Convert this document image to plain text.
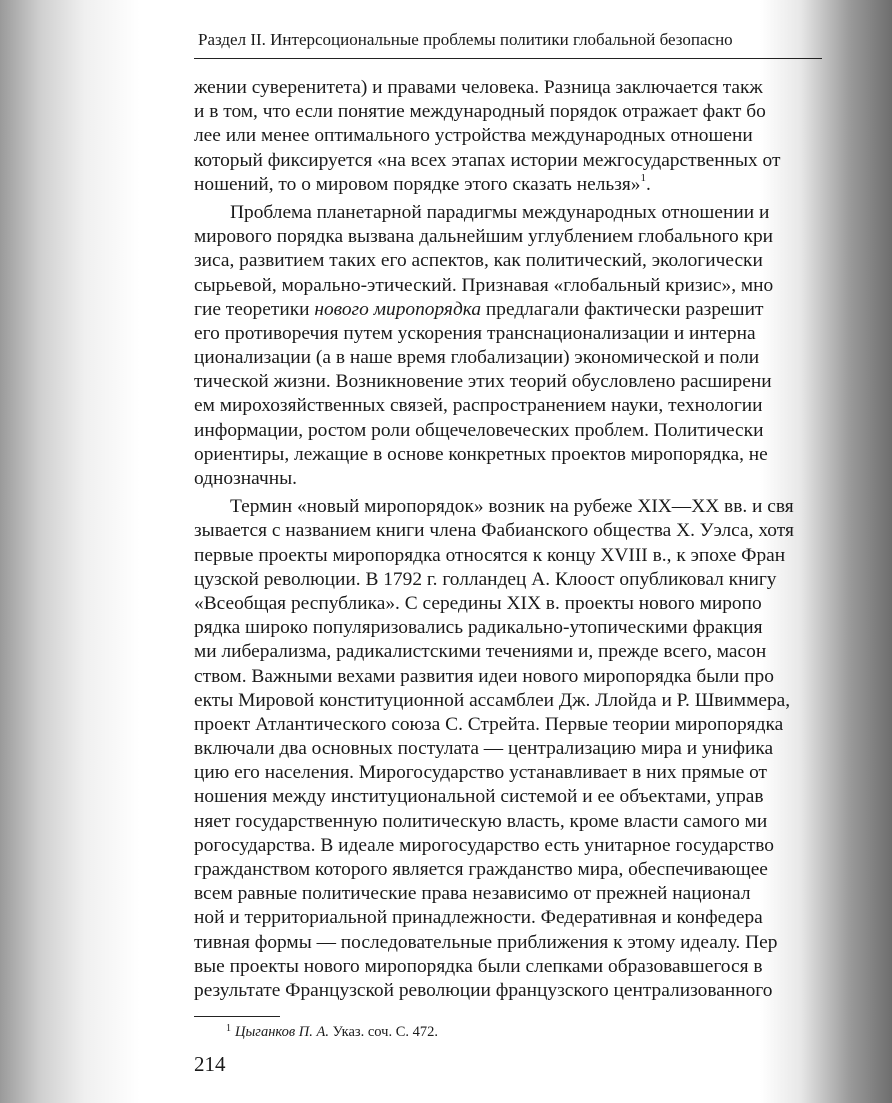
Раздел II. Интерсоциональные проблемы политики глобальной безопасно
жении суверенитета) и правами человека. Разница заключается такж
и в том, что если понятие международный порядок отражает факт бо
лее или менее оптимального устройства международных отношени
который фиксируется «на всех этапах истории межгосударственных от
ношений, то о мировом порядке этого сказать нельзя»$^1$.
Проблема планетарной парадигмы международных отношении и
мирового порядка вызвана дальнейшим углублением глобального кри
зиса, развитием таких его аспектов, как политический, экологически
сырьевой, морально-этический. Признавая «глобальный кризис», мно
гие теоретики нового миропорядка предлагали фактически разрешит
его противоречия путем ускорения транснационализации и интерна
ционализации (а в наше время глобализации) экономической и поли
тической жизни. Возникновение этих теорий обусловлено расширени
ем мирохозяйственных связей, распространением науки, технологии
информации, ростом роли общечеловеческих проблем. Политически
ориентиры, лежащие в основе конкретных проектов миропорядка, не
однозначны.
Термин «новый миропорядок» возник на рубеже XIX—XX вв. и свя
зывается с названием книги члена Фабианского общества Х. Уэлса, хотя
первые проекты миропорядка относятся к концу XVIII в., к эпохе Фран
цузской революции. В 1792 г. голландец А. Клоост опубликовал книгу
«Всеобщая республика». С середины XIX в. проекты нового миропо
рядка широко популяризовались радикально-утопическими фракция
ми либерализма, радикалистскими течениями и, прежде всего, масон
ством. Важными вехами развития идеи нового миропорядка были про
екты Мировой конституционной ассамблеи Дж. Ллойда и Р. Швиммера,
проект Атлантического союза С. Стрейта. Первые теории миропорядка
включали два основных постулата — централизацию мира и унифика
цию его населения. Мирогосударство устанавливает в них прямые от
ношения между институциональной системой и ее объектами, управ
няет государственную политическую власть, кроме власти самого ми
рогосударства. В идеале мирогосударство есть унитарное государство
гражданством которого является гражданство мира, обеспечивающее
всем равные политические права независимо от прежней национал
ной и территориальной принадлежности. Федеративная и конфедера
тивная формы — последовательные приближения к этому идеалу. Пер
вые проекты нового миропорядка были слепками образовавшегося в
результате Французской революции французского централизованного
$^1$ Цыганков П. А. Указ. соч. С. 472.
214
